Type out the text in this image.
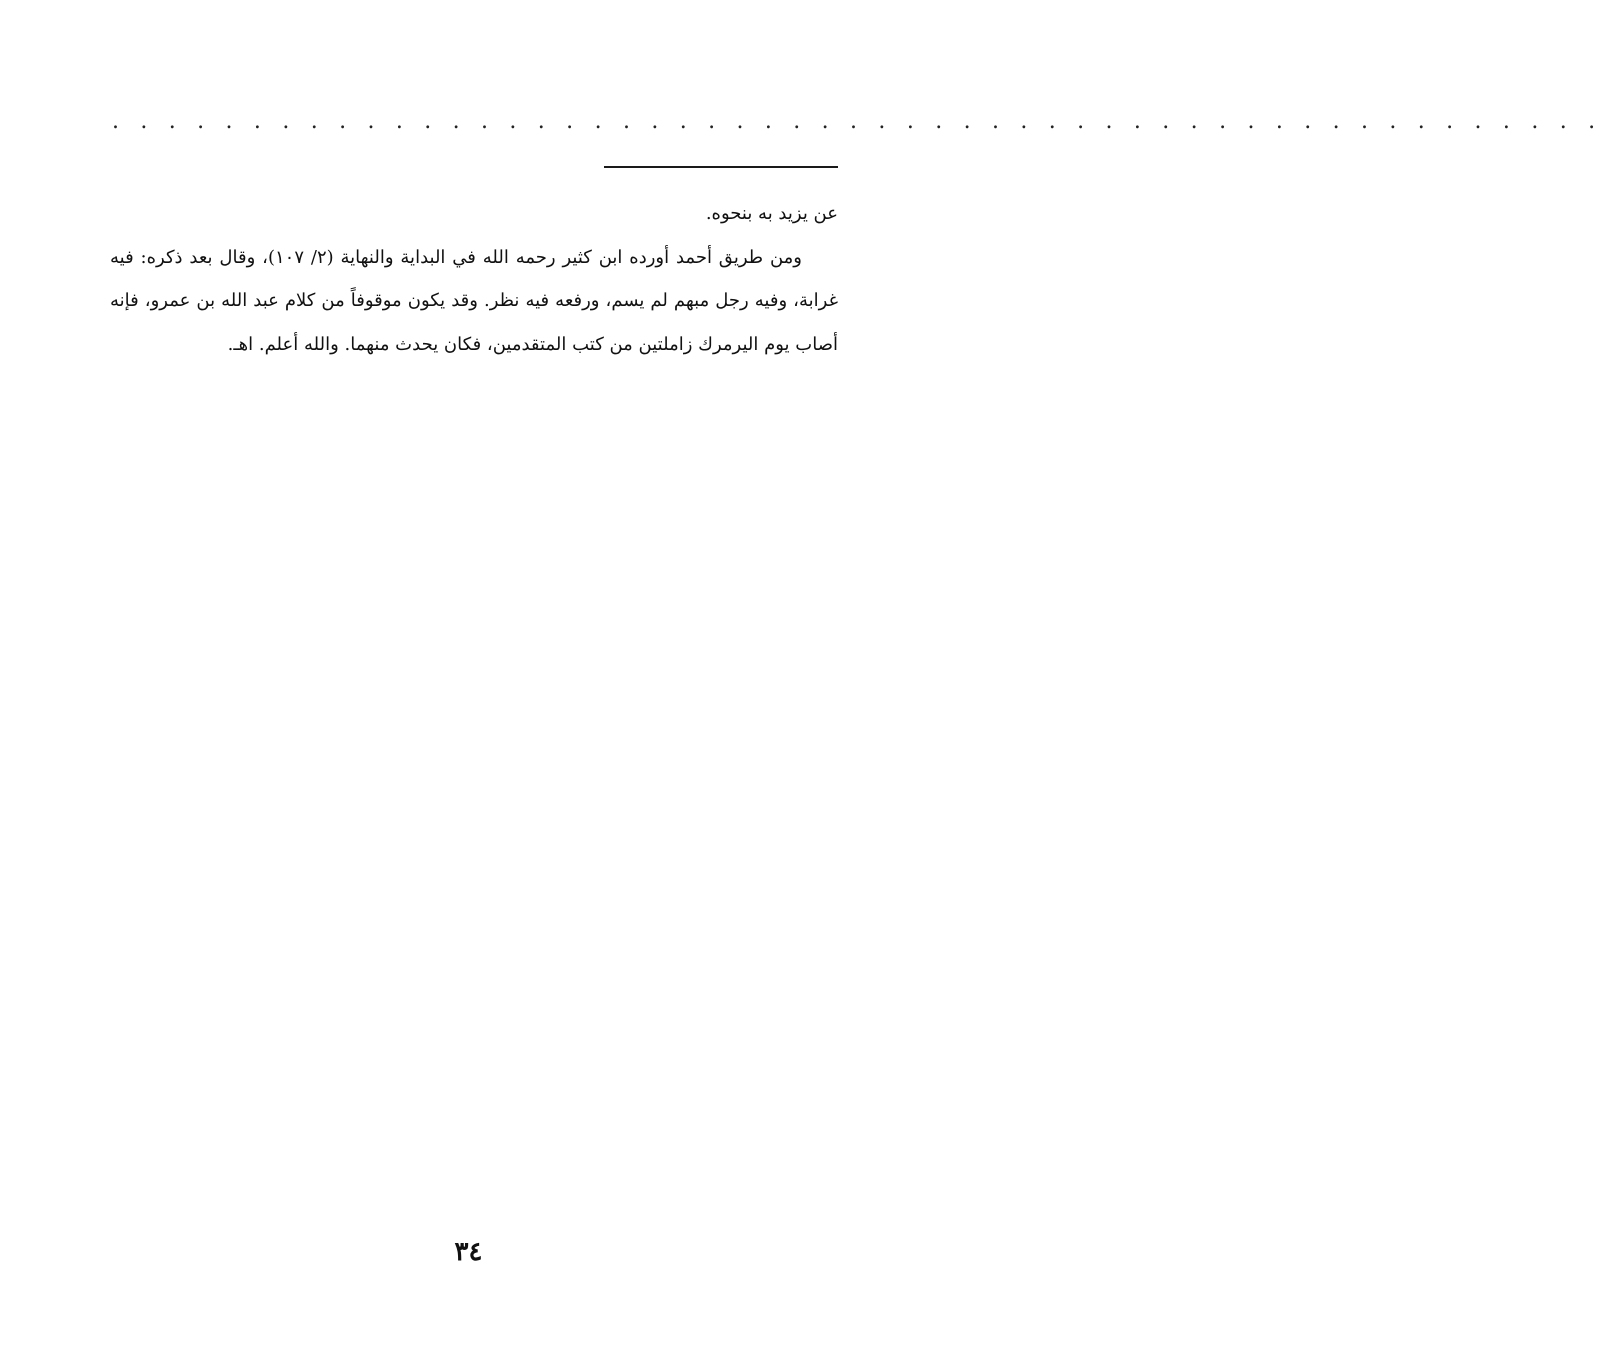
. . . . . . . . . . . . . . . . . . . . . . . . . . . . . . . . . . . . . . . . . . . . . . . . . . . . .

عن يزيد به بنحوه.

ومن طريق أحمد أورده ابن كثير رحمه الله في البداية والنهاية (٢/ ١٠٧)، وقال بعد ذكره: فيه غرابة، وفيه رجل مبهم لم يسم، ورفعه فيه نظر. وقد يكون موقوفاً من كلام عبد الله بن عمرو، فإنه أصاب يوم اليرمرك زاملتين من كتب المتقدمين، فكان يحدث منهما. والله أعلم. اهـ.

٣٤
